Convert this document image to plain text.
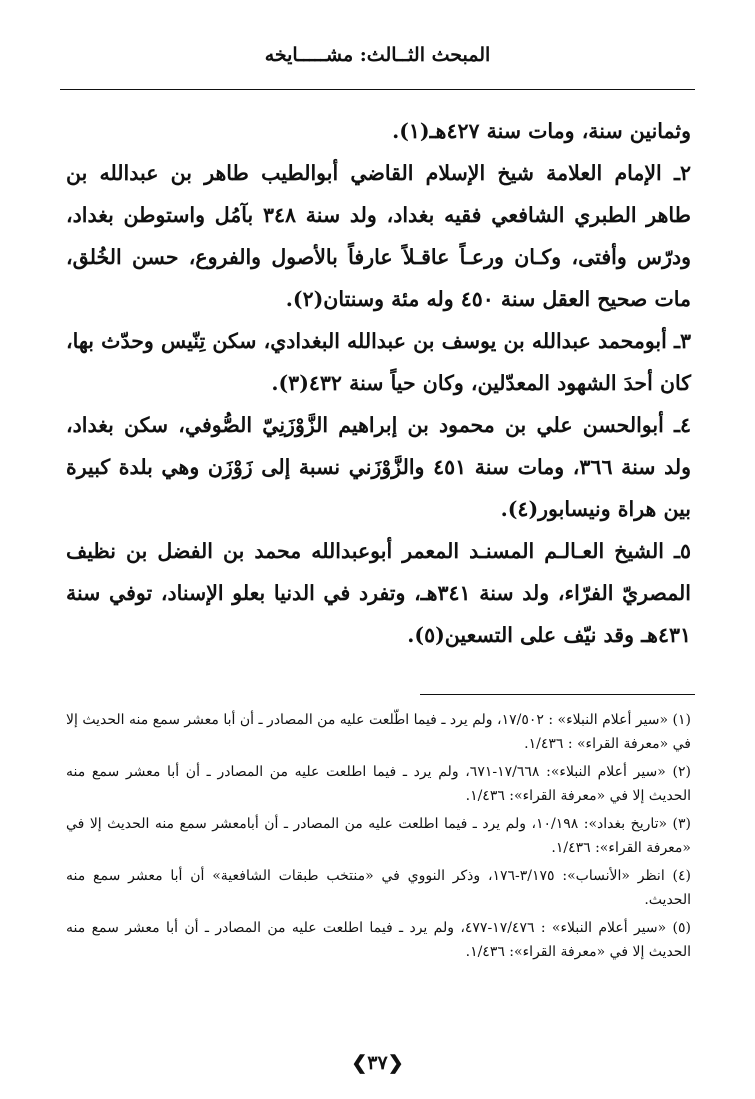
المبحث الثــالث: مشـــــايخه

وثمانين سنة، ومات سنة ٤٢٧هـ(١).

٢ـ الإمام العلامة شيخ الإسلام القاضي أبوالطيب طاهر بن عبدالله بن طاهر الطبري الشافعي فقيه بغداد، ولد سنة ٣٤٨ بآمُل واستوطن بغداد، ودرّس وأفتى، وكـان ورعـاً عاقـلاً عارفاً بالأصول والفروع، حسن الخُلق، مات صحيح العقل سنة ٤٥٠ وله مئة وسنتان(٢).

٣ـ أبومحمد عبدالله بن يوسف بن عبدالله البغدادي، سكن تِنّيس وحدّث بها، كان أحدَ الشهود المعدّلين، وكان حياً سنة ٤٣٢(٣).

٤ـ أبوالحسن علي بن محمود بن إبراهيم الزَّوْزَنِيّ الصُّوفي، سكن بغداد، ولد سنة ٣٦٦، ومات سنة ٤٥١ والزَّوْزَني نسبة إلى زَوْزَن وهي بلدة كبيرة بين هراة ونيسابور(٤).

٥ـ الشيخ العـالـم المسنـد المعمر أبوعبدالله محمد بن الفضل بن نظيف المصريّ الفرّاء، ولد سنة ٣٤١هـ، وتفرد في الدنيا بعلو الإسناد، توفي سنة ٤٣١هـ وقد نيّف على التسعين(٥).

(١) «سير أعلام النبلاء» : ١٧/٥٠٢، ولم يرد ـ فيما اطّلعت عليه من المصادر ـ أن أبا معشر سمع منه الحديث إلا في «معرفة القراء» : ١/٤٣٦.

(٢) «سير أعلام النبلاء»: ١٧/٦٦٨-٦٧١، ولم يرد ـ فيما اطلعت عليه من المصادر ـ أن أبا معشر سمع منه الحديث إلا في «معرفة القراء»: ١/٤٣٦.

(٣) «تاريخ بغداد»: ١٠/١٩٨، ولم يرد ـ فيما اطلعت عليه من المصادر ـ أن أبامعشر سمع منه الحديث إلا في «معرفة القراء»: ١/٤٣٦.

(٤) انظر «الأنساب»: ٣/١٧٥-١٧٦، وذكر النووي في «منتخب طبقات الشافعية» أن أبا معشر سمع منه الحديث.

(٥) «سير أعلام النبلاء» : ١٧/٤٧٦-٤٧٧، ولم يرد ـ فيما اطلعت عليه من المصادر ـ أن أبا معشر سمع منه الحديث إلا في «معرفة القراء»: ١/٤٣٦.

❮٣٧❯
